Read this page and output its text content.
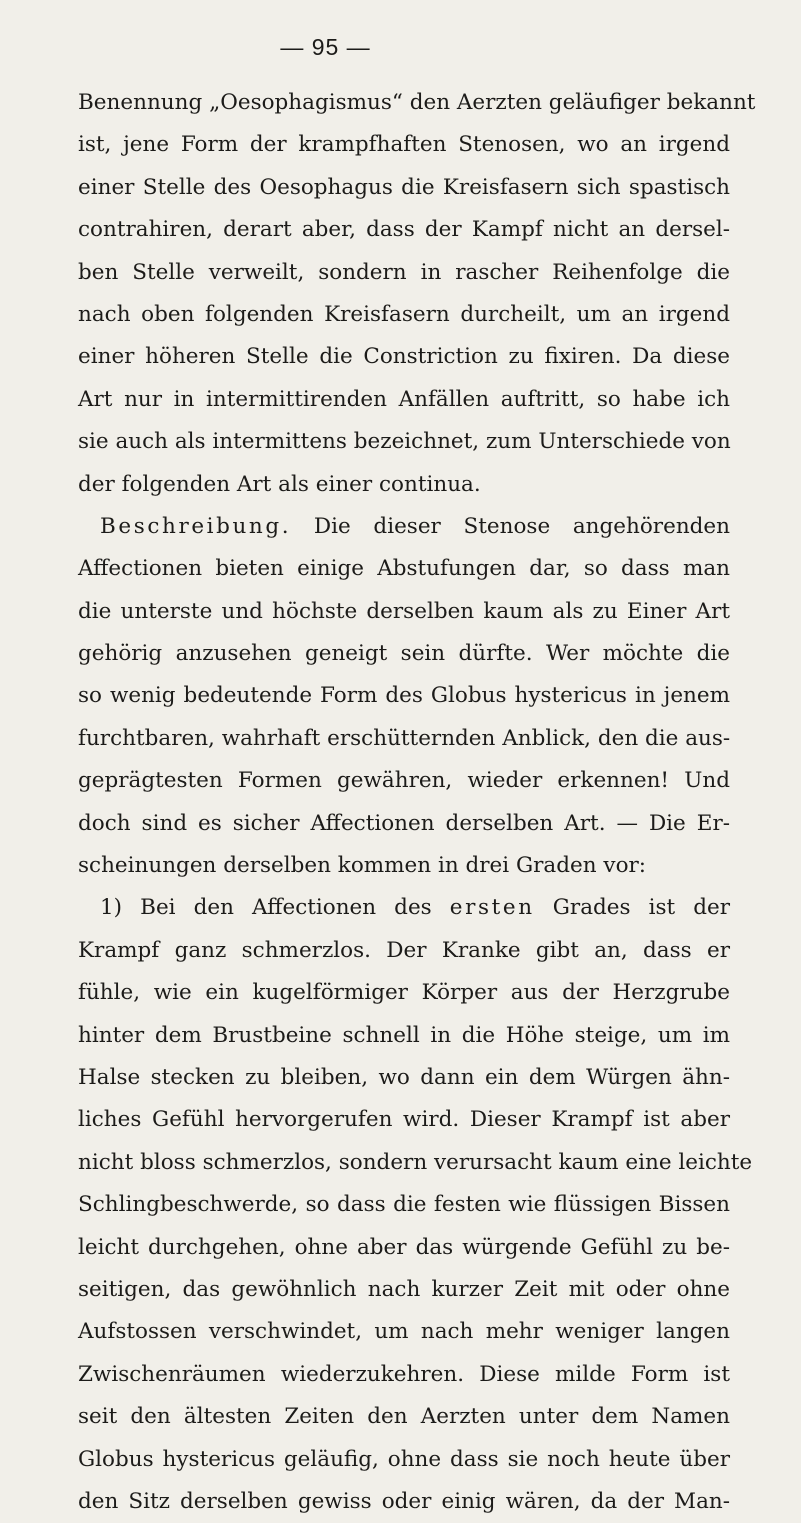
— 95 —
Benennung „Oesophagismus“ den Aerzten geläufiger bekannt
ist, jene Form der krampfhaften Stenosen, wo an irgend
einer Stelle des Oesophagus die Kreisfasern sich spastisch
contrahiren, derart aber, dass der Kampf nicht an dersel-
ben Stelle verweilt, sondern in rascher Reihenfolge die
nach oben folgenden Kreisfasern durcheilt, um an irgend
einer höheren Stelle die Constriction zu fixiren. Da diese
Art nur in intermittirenden Anfällen auftritt, so habe ich
sie auch als intermittens bezeichnet, zum Unterschiede von
der folgenden Art als einer continua.
Beschreibung. Die dieser Stenose angehörenden
Affectionen bieten einige Abstufungen dar, so dass man
die unterste und höchste derselben kaum als zu Einer Art
gehörig anzusehen geneigt sein dürfte. Wer möchte die
so wenig bedeutende Form des Globus hystericus in jenem
furchtbaren, wahrhaft erschütternden Anblick, den die aus-
geprägtesten Formen gewähren, wieder erkennen! Und
doch sind es sicher Affectionen derselben Art. — Die Er-
scheinungen derselben kommen in drei Graden vor:
1) Bei den Affectionen des ersten Grades ist der
Krampf ganz schmerzlos. Der Kranke gibt an, dass er
fühle, wie ein kugelförmiger Körper aus der Herzgrube
hinter dem Brustbeine schnell in die Höhe steige, um im
Halse stecken zu bleiben, wo dann ein dem Würgen ähn-
liches Gefühl hervorgerufen wird. Dieser Krampf ist aber
nicht bloss schmerzlos, sondern verursacht kaum eine leichte
Schlingbeschwerde, so dass die festen wie flüssigen Bissen
leicht durchgehen, ohne aber das würgende Gefühl zu be-
seitigen, das gewöhnlich nach kurzer Zeit mit oder ohne
Aufstossen verschwindet, um nach mehr weniger langen
Zwischenräumen wiederzukehren. Diese milde Form ist
seit den ältesten Zeiten den Aerzten unter dem Namen
Globus hystericus geläufig, ohne dass sie noch heute über
den Sitz derselben gewiss oder einig wären, da der Man-
